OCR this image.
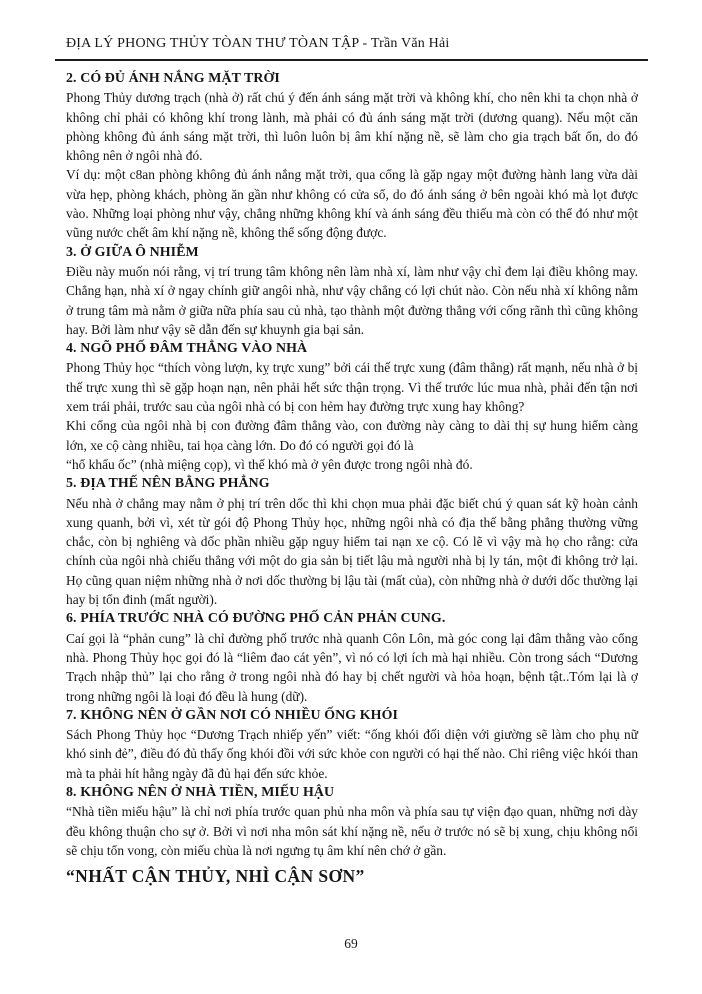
ĐỊA LÝ PHONG THỦY TÒAN THƯ TÒAN TẬP - Trần Văn Hải
2. CÓ ĐỦ ÁNH NẮNG MẶT TRỜI

Phong Thủy dương trạch (nhà ở) rất chú ý đến ánh sáng mặt trời và không khí, cho nên khi ta chọn nhà ở không chỉ phải có không khí trong lành, mà phải có đủ ánh sáng mặt trời (dương quang). Nếu một căn phòng không đủ ánh sáng mặt trời, thì luôn luôn bị âm khí nặng nề, sẽ làm cho gia trạch bất ổn, do đó không nên ở ngôi nhà đó.

Ví dụ: một c8an phòng không đủ ánh nắng mặt trời, qua cổng là gặp ngay một đường hành lang vừa dài vừa hẹp, phòng khách, phòng ăn gần như không có cửa sổ, do đó ánh sáng ở bên ngoài khó mà lọt được vào. Những loại phòng như vậy, chẳng những không khí và ánh sáng đều thiếu mà còn có thể đó như một vũng nước chết âm khí nặng nề, không thể sống động được.

3. Ở GIỮA Ô NHIỄM

Điều này muốn nói rằng, vị trí trung tâm không nên làm nhà xí, làm như vậy chỉ đem lại điều không may. Chẳng hạn, nhà xí ở ngay chính giữ angôi nhà, như vậy chẳng có lợi chút nào. Còn nếu nhà xí không nằm ở trung tâm mà nằm ở giữa nữa phía sau củ nhà, tạo thành một đường thẳng với cống rãnh thì cũng không hay. Bởi làm như vậy sẽ dẫn đến sự khuynh gia bại sản.

4. NGÕ PHỐ ĐÂM THẲNG VÀO NHÀ

Phong Thủy học “thích vòng lượn, kỵ trực xung” bởi cái thế trực xung (đâm thẳng) rất mạnh, nếu nhà ở bị thế trực xung thì sẽ gặp hoạn nạn, nên phải hết sức thận trọng. Vì thế trước lúc mua nhà, phải đến tận nơi xem trái phải, trước sau của ngôi nhà có bị con hẻm hay đường trực xung hay không?

Khi cổng của ngôi nhà bị con đường đâm thẳng vào, con đường này càng to dài thị sự hung hiểm càng lớn, xe cộ càng nhiều, tai họa càng lớn. Do đó có người gọi đó là

“hổ khẩu ốc” (nhà miệng cọp), vì thế khó mà ở yên được trong ngôi nhà đó.

5. ĐỊA THẾ NÊN BẰNG PHẲNG

Nếu nhà ở chẳng may nằm ở phị trí trên dốc thì khi chọn mua phải đặc biết chú ý quan sát kỹ hoàn cảnh xung quanh, bởi vì, xét từ gói độ Phong Thủy học, những ngôi nhà có địa thế bằng phẳng thường vững chắc, còn bị nghiêng và dốc phần nhiều gặp nguy hiểm tai nạn xe cộ. Có lẽ vì vậy mà họ cho rằng: cửa chính của ngôi nhà chiếu thẳng với một do gia sản bị tiết lậu mà người nhà bị ly tán, một đi không trở lại. Họ cũng quan niệm những nhà ở nơi dốc thường bị lậu tài (mất của), còn những nhà ở dưới dốc thường lại hay bị tổn đinh (mất người).

6. PHÍA TRƯỚC NHÀ CÓ ĐƯỜNG PHỐ CẢN PHẢN CUNG.

Caí gọi là “phản cung” là chỉ đường phố trước nhà quanh Côn Lôn, mà góc cong lại đâm thằng vào cổng nhà. Phong Thủy học gọi đó là “liêm đao cát yên”, vì nó có lợi ích mà hại nhiều. Còn trong sách “Dương Trạch nhập thủ” lại cho rằng ở trong ngôi nhà đó hay bị chết người và hỏa hoạn, bệnh tật..Tóm lại là ợ trong những ngôi là loại đó đều là hung (dữ).

7. KHÔNG NÊN Ở GẦN NƠI CÓ NHIỀU ỐNG KHÓI

Sách Phong Thủy học “Dương Trạch nhiếp yến” viết: “ống khói đối diện với giường sẽ làm cho phụ nữ khó sinh đẻ”, điều đó đủ thấy ống khói đồi với sức khỏe con người có hại thế nào. Chỉ riêng việc hkói than mà ta phải hít hằng ngày đã đủ hại đến sức khỏe.

8. KHÔNG NÊN Ở NHÀ TIỀN, MIẾU HẬU

“Nhà tiền miếu hậu” là chỉ nơi phía trước quan phủ nha môn và phía sau tự viện đạo quan, những nơi dày đều không thuận cho sự ở. Bởi vì nơi nha môn sát khí nặng nề, nếu ở trước nó sẽ bị xung, chịu không nổi sẽ chịu tổn vong, còn miếu chùa là nơi ngưng tụ âm khí nên chớ ở gần.

“NHẤT CẬN THỦY, NHÌ CẬN SƠN”
69
